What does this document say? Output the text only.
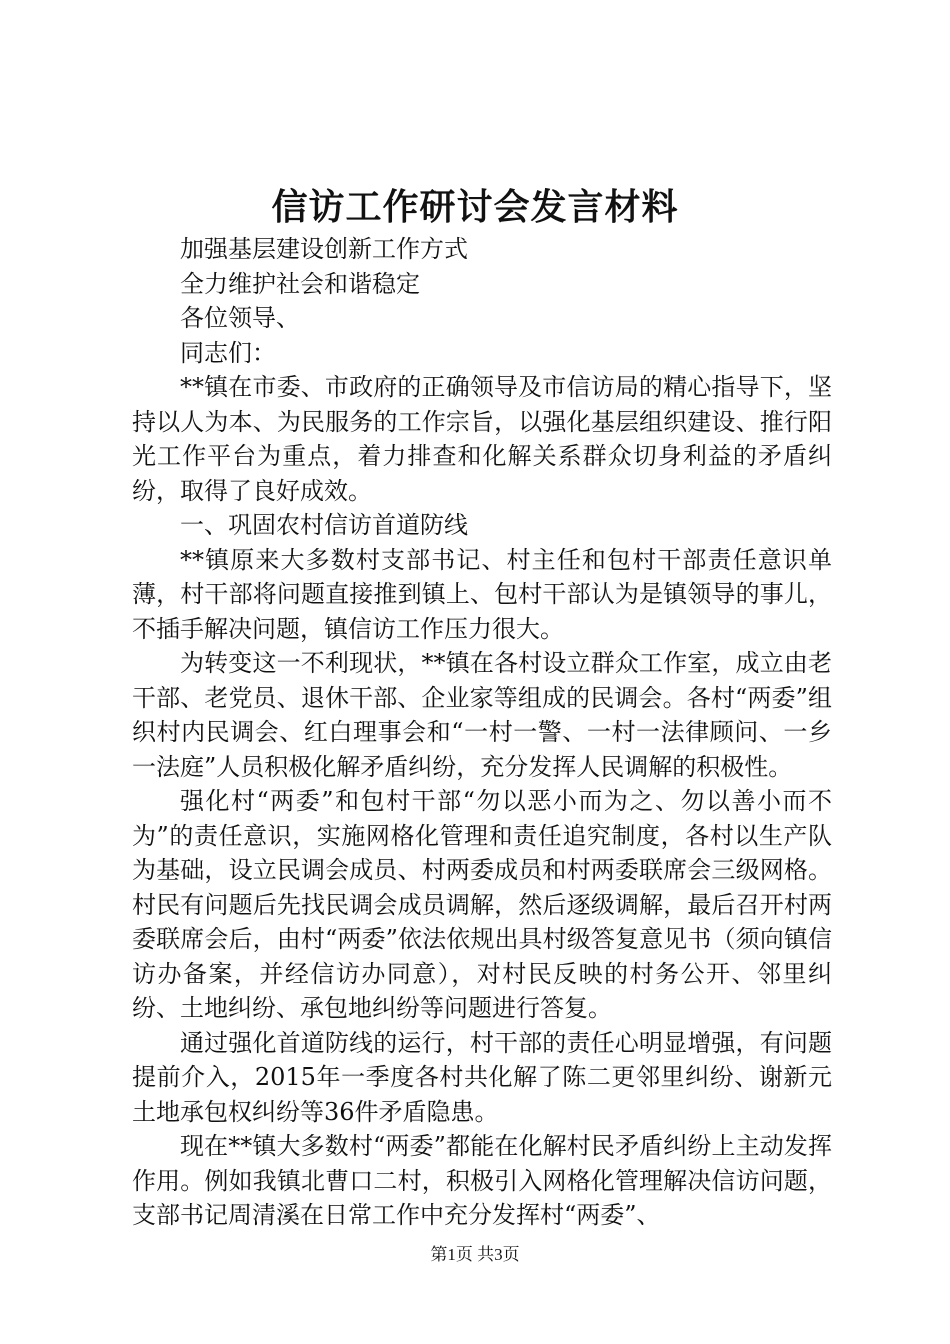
信访工作研讨会发言材料

加强基层建设创新工作方式

全力维护社会和谐稳定

各位领导、

同志们：

**镇在市委、市政府的正确领导及市信访局的精心指导下，坚持以人为本、为民服务的工作宗旨，以强化基层组织建设、推行阳光工作平台为重点，着力排查和化解关系群众切身利益的矛盾纠纷，取得了良好成效。

一、巩固农村信访首道防线

**镇原来大多数村支部书记、村主任和包村干部责任意识单薄，村干部将问题直接推到镇上、包村干部认为是镇领导的事儿，不插手解决问题，镇信访工作压力很大。

为转变这一不利现状，**镇在各村设立群众工作室，成立由老干部、老党员、退休干部、企业家等组成的民调会。各村“两委”组织村内民调会、红白理事会和“一村一警、一村一法律顾问、一乡一法庭”人员积极化解矛盾纠纷，充分发挥人民调解的积极性。

强化村“两委”和包村干部“勿以恶小而为之、勿以善小而不为”的责任意识，实施网格化管理和责任追究制度，各村以生产队为基础，设立民调会成员、村两委成员和村两委联席会三级网格。村民有问题后先找民调会成员调解，然后逐级调解，最后召开村两委联席会后，由村“两委”依法依规出具村级答复意见书（须向镇信访办备案，并经信访办同意），对村民反映的村务公开、邻里纠纷、土地纠纷、承包地纠纷等问题进行答复。

通过强化首道防线的运行，村干部的责任心明显增强，有问题提前介入，2015年一季度各村共化解了陈二更邻里纠纷、谢新元土地承包权纠纷等36件矛盾隐患。

现在**镇大多数村“两委”都能在化解村民矛盾纠纷上主动发挥作用。例如我镇北曹口二村，积极引入网格化管理解决信访问题，支部书记周清溪在日常工作中充分发挥村“两委”、

第1页 共3页
